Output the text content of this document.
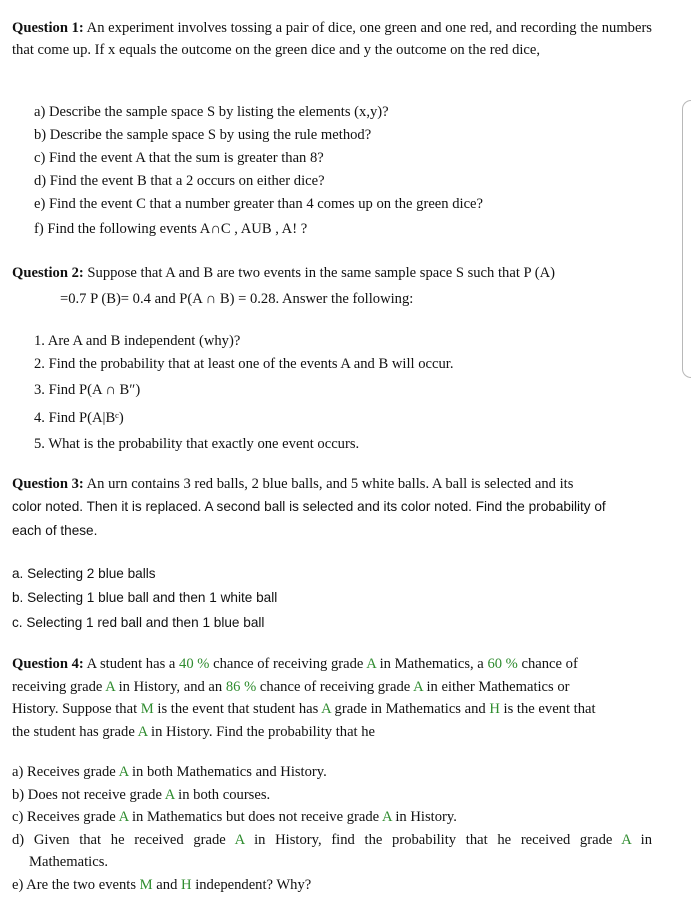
Question 1: An experiment involves tossing a pair of dice, one green and one red, and recording the numbers that come up. If x equals the outcome on the green dice and y the outcome on the red dice,
a) Describe the sample space S by listing the elements (x,y)?
b) Describe the sample space S by using the rule method?
c) Find the event A that the sum is greater than 8?
d) Find the event B that a 2 occurs on either dice?
e) Find the event C that a number greater than 4 comes up on the green dice?
f) Find the following events A∩C , AUB , A! ?
Question 2: Suppose that A and B are two events in the same sample space S such that P (A)
=0.7 P (B)= 0.4 and P(A ∩ B) = 0.28. Answer the following:
1. Are A and B independent (why)?
2. Find the probability that at least one of the events A and B will occur.
3. Find P(A ∩ B″)
4. Find P(A|Bᶜ)
5. What is the probability that exactly one event occurs.
Question 3: An urn contains 3 red balls, 2 blue balls, and 5 white balls. A ball is selected and its
color noted. Then it is replaced. A second ball is selected and its color noted. Find the probability of
each of these.
a. Selecting 2 blue balls
b. Selecting 1 blue ball and then 1 white ball
c. Selecting 1 red ball and then 1 blue ball
Question 4: A student has a 40 % chance of receiving grade A in Mathematics, a 60 % chance of
receiving grade A in History, and an 86 % chance of receiving grade A in either Mathematics or
History. Suppose that M is the event that student has A grade in Mathematics and H is the event that
the student has grade A in History. Find the probability that he
a) Receives grade A in both Mathematics and History.
b) Does not receive grade A in both courses.
c) Receives grade A in Mathematics but does not receive grade A in History.
d) Given that he received grade A in History, find the probability that he received grade A in
Mathematics.
e) Are the two events M and H independent? Why?
